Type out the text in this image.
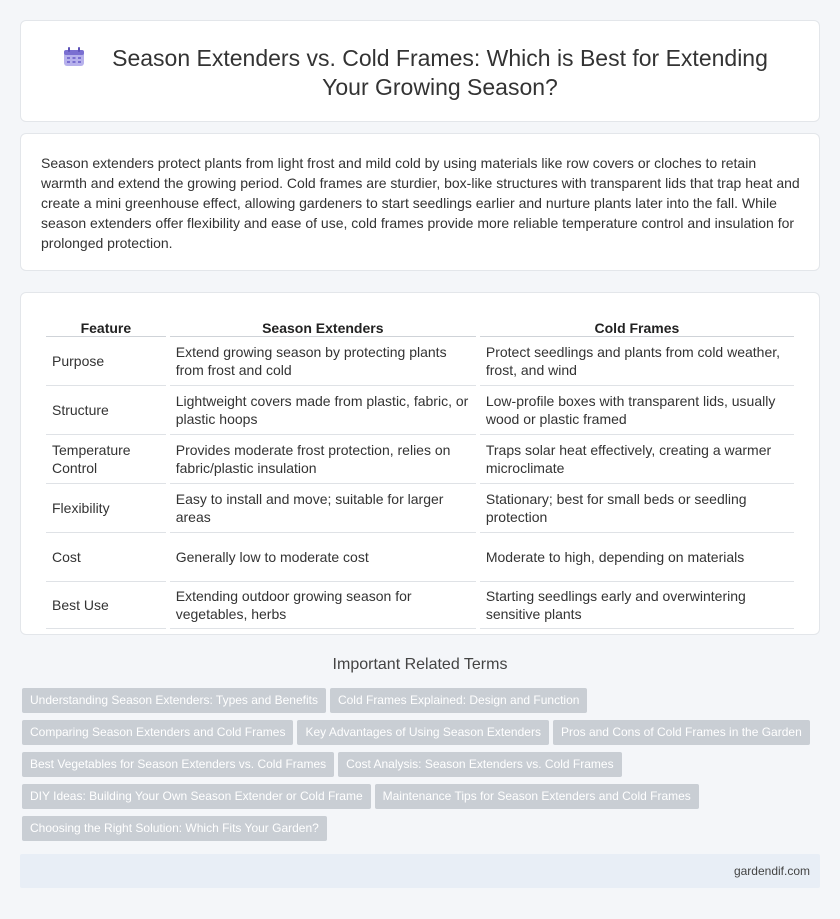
Season Extenders vs. Cold Frames: Which is Best for Extending Your Growing Season?

Season extenders protect plants from light frost and mild cold by using materials like row covers or cloches to retain warmth and extend the growing period. Cold frames are sturdier, box-like structures with transparent lids that trap heat and create a mini greenhouse effect, allowing gardeners to start seedlings earlier and nurture plants later into the fall. While season extenders offer flexibility and ease of use, cold frames provide more reliable temperature control and insulation for prolonged protection.

Feature	Season Extenders	Cold Frames
Purpose	Extend growing season by protecting plants from frost and cold	Protect seedlings and plants from cold weather, frost, and wind
Structure	Lightweight covers made from plastic, fabric, or plastic hoops	Low-profile boxes with transparent lids, usually wood or plastic framed
Temperature Control	Provides moderate frost protection, relies on fabric/plastic insulation	Traps solar heat effectively, creating a warmer microclimate
Flexibility	Easy to install and move; suitable for larger areas	Stationary; best for small beds or seedling protection
Cost	Generally low to moderate cost	Moderate to high, depending on materials
Best Use	Extending outdoor growing season for vegetables, herbs	Starting seedlings early and overwintering sensitive plants
Important Related Terms
Understanding Season Extenders: Types and Benefits Cold Frames Explained: Design and Function
Comparing Season Extenders and Cold Frames Key Advantages of Using Season Extenders Pros and Cons of Cold Frames in the Garden
Best Vegetables for Season Extenders vs. Cold Frames Cost Analysis: Season Extenders vs. Cold Frames
DIY Ideas: Building Your Own Season Extender or Cold Frame Maintenance Tips for Season Extenders and Cold Frames
Choosing the Right Solution: Which Fits Your Garden?
gardendif.com
